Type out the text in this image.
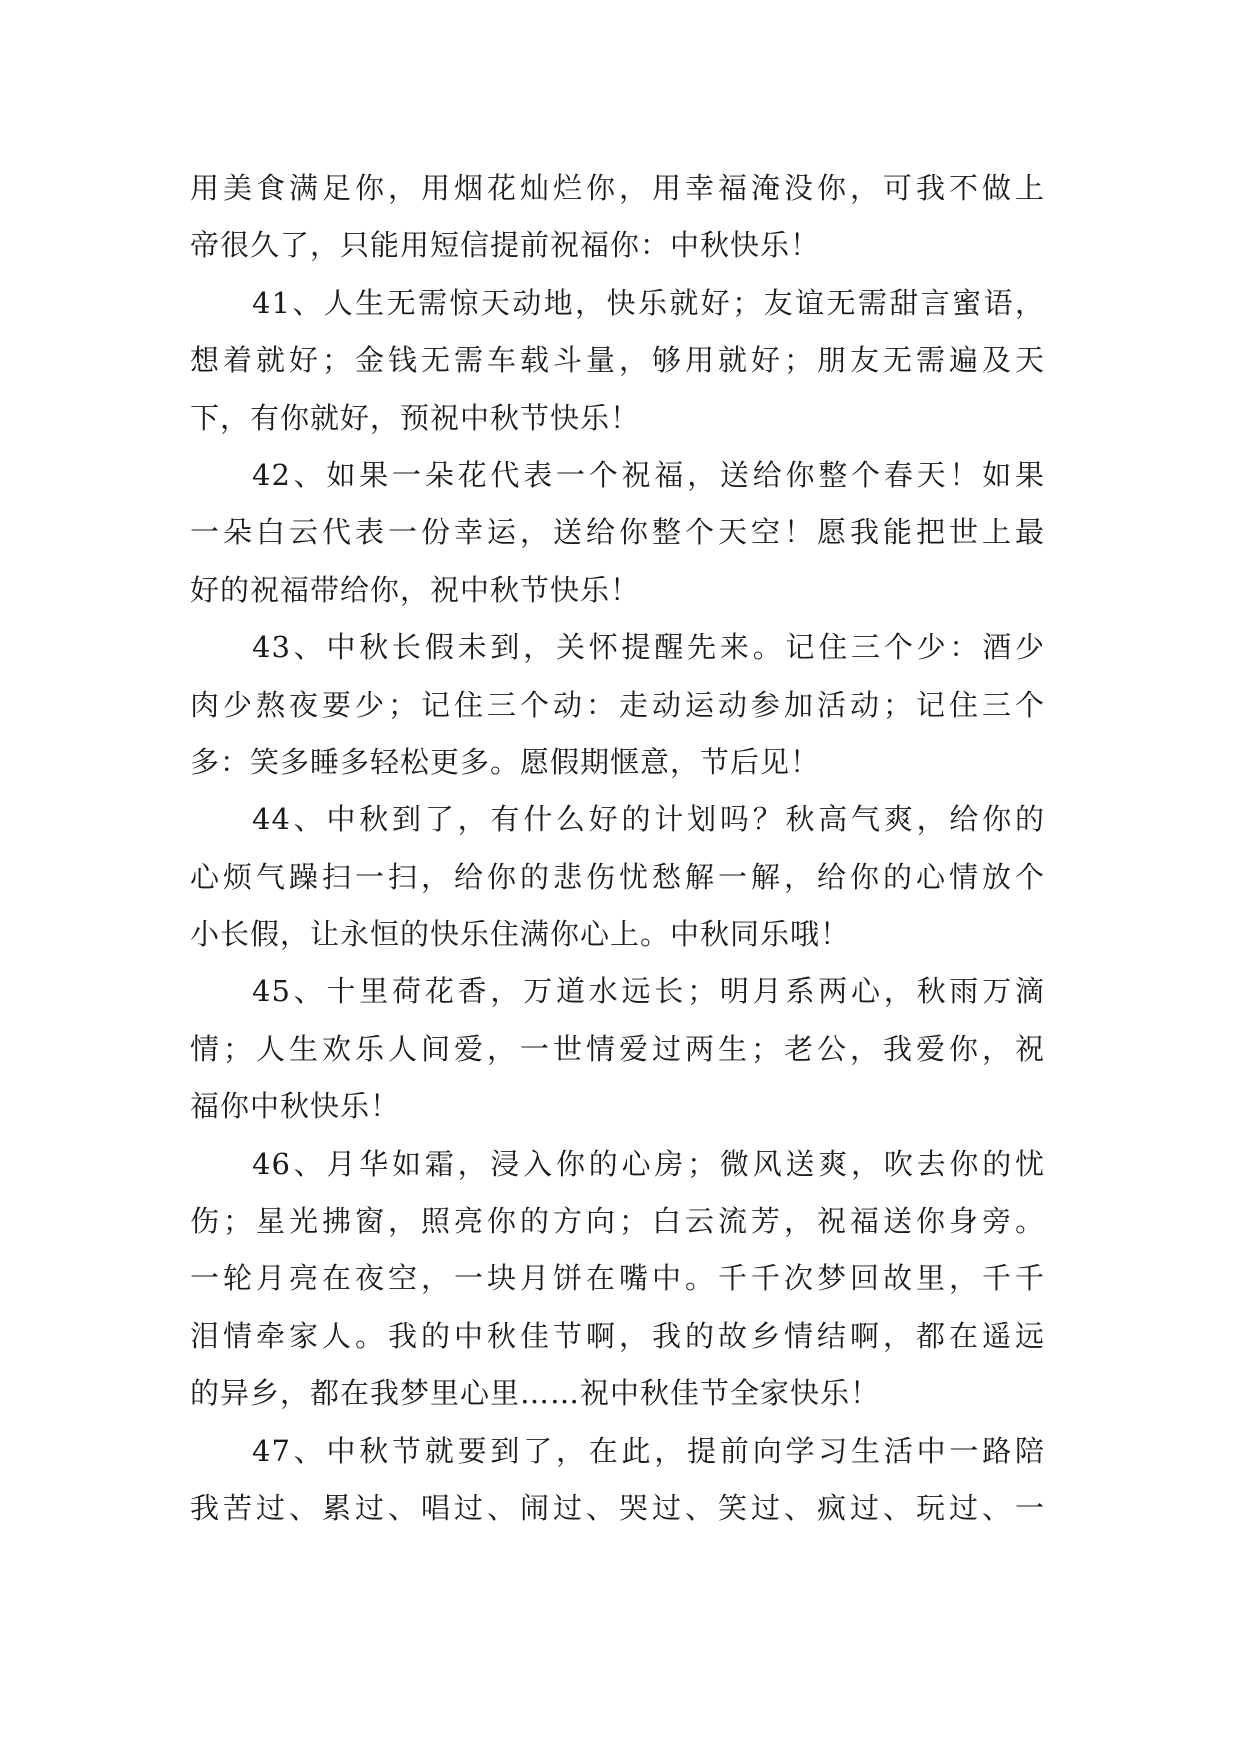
用美食满足你，用烟花灿烂你，用幸福淹没你，可我不做上
帝很久了，只能用短信提前祝福你：中秋快乐！
41、人生无需惊天动地，快乐就好；友谊无需甜言蜜语，
想着就好；金钱无需车载斗量，够用就好；朋友无需遍及天
下，有你就好，预祝中秋节快乐！
42、如果一朵花代表一个祝福，送给你整个春天！如果
一朵白云代表一份幸运，送给你整个天空！愿我能把世上最
好的祝福带给你，祝中秋节快乐！
43、中秋长假未到，关怀提醒先来。记住三个少：酒少
肉少熬夜要少；记住三个动：走动运动参加活动；记住三个
多：笑多睡多轻松更多。愿假期惬意，节后见！
44、中秋到了，有什么好的计划吗？秋高气爽，给你的
心烦气躁扫一扫，给你的悲伤忧愁解一解，给你的心情放个
小长假，让永恒的快乐住满你心上。中秋同乐哦！
45、十里荷花香，万道水远长；明月系两心，秋雨万滴
情；人生欢乐人间爱，一世情爱过两生；老公，我爱你，祝
福你中秋快乐！
46、月华如霜，浸入你的心房；微风送爽，吹去你的忧
伤；星光拂窗，照亮你的方向；白云流芳，祝福送你身旁。
一轮月亮在夜空，一块月饼在嘴中。千千次梦回故里，千千
泪情牵家人。我的中秋佳节啊，我的故乡情结啊，都在遥远
的异乡，都在我梦里心里……祝中秋佳节全家快乐！
47、中秋节就要到了，在此，提前向学习生活中一路陪
我苦过、累过、唱过、闹过、哭过、笑过、疯过、玩过、一
